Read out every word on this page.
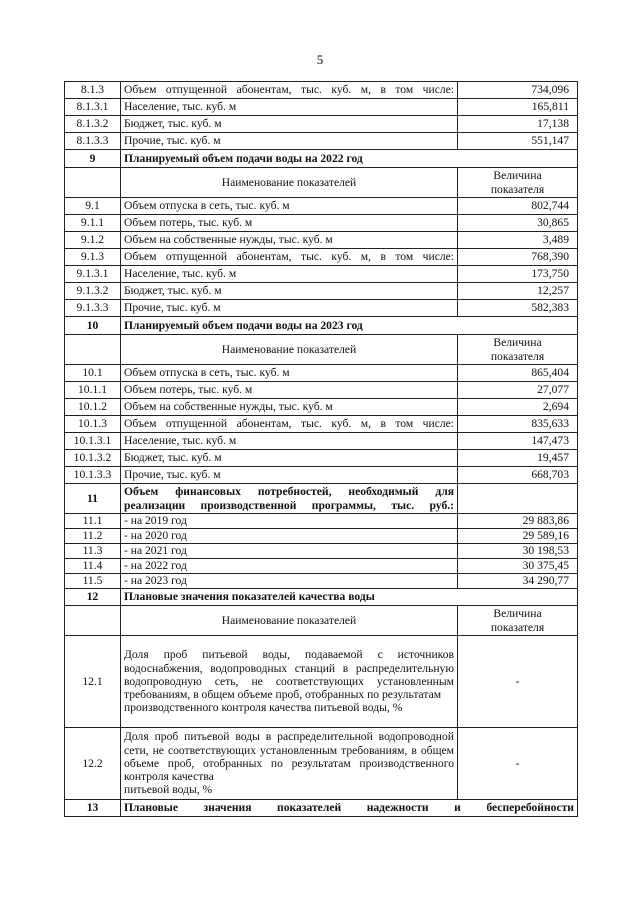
5
8.1.3	Объем отпущенной абонентам, тыс. куб. м, в том числе:	734,096
8.1.3.1	Население, тыс. куб. м	165,811
8.1.3.2	Бюджет, тыс. куб. м	17,138
8.1.3.3	Прочие, тыс. куб. м	551,147
9	Планируемый объем подачи воды на 2022 год	
	Наименование показателей	Величина
показателя
9.1	Объем отпуска в сеть, тыс. куб. м	802,744
9.1.1	Объем потерь, тыс. куб. м	30,865
9.1.2	Объем на собственные нужды, тыс. куб. м	3,489
9.1.3	Объем отпущенной абонентам, тыс. куб. м, в том числе:	768,390
9.1.3.1	Население, тыс. куб. м	173,750
9.1.3.2	Бюджет, тыс. куб. м	12,257
9.1.3.3	Прочие, тыс. куб. м	582,383
10	Планируемый объем подачи воды на 2023 год	
	Наименование показателей	Величина
показателя
10.1	Объем отпуска в сеть, тыс. куб. м	865,404
10.1.1	Объем потерь, тыс. куб. м	27,077
10.1.2	Объем на собственные нужды, тыс. куб. м	2,694
10.1.3	Объем отпущенной абонентам, тыс. куб. м, в том числе:	835,633
10.1.3.1	Население, тыс. куб. м	147,473
10.1.3.2	Бюджет, тыс. куб. м	19,457
10.1.3.3	Прочие, тыс. куб. м	668,703
11	Объем финансовых потребностей, необходимый для
реализации производственной программы, тыс. руб.:	

11.1	- на 2019 год	29 883,86
11.2	- на 2020 год	29 589,16
11.3	- на 2021 год	30 198,53
11.4	- на 2022 год	30 375,45
11.5	- на 2023 год	34 290,77
12	Плановые значения показателей качества воды	
	Наименование показателей	Величина
показателя
12.1	Доля проб питьевой воды, подаваемой с источников водоснабжения, водопроводных станций в распределительную водопроводную сеть, не соответствующих установленным требованиям, в общем объеме проб, отобранных по результатам
производственного контроля качества питьевой воды, %	-
12.2	Доля проб питьевой воды в распределительной водопроводной сети, не соответствующих установленным требованиям, в общем объеме проб, отобранных по результатам производственного контроля качества
питьевой воды, %	-
13	Плановые значения показателей надежности и бесперебойности	
